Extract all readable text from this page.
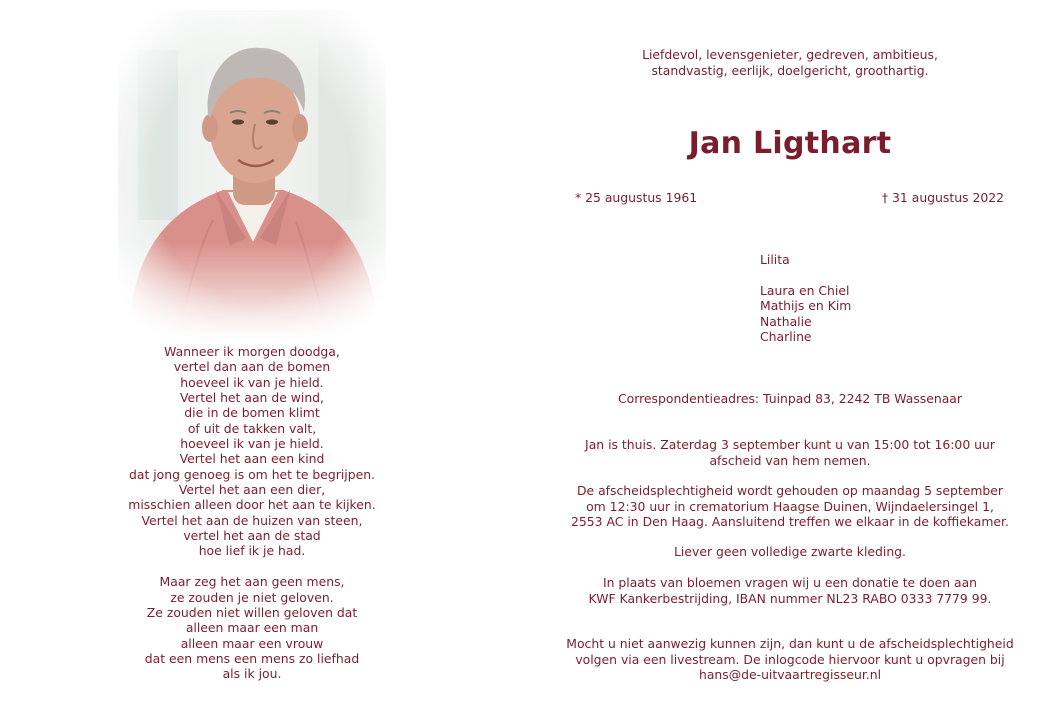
Wanneer ik morgen doodga,
vertel dan aan de bomen
hoeveel ik van je hield.
Vertel het aan de wind,
die in de bomen klimt
of uit de takken valt,
hoeveel ik van je hield.
Vertel het aan een kind
dat jong genoeg is om het te begrijpen.
Vertel het aan een dier,
misschien alleen door het aan te kijken.
Vertel het aan de huizen van steen,
vertel het aan de stad
hoe lief ik je had.
Maar zeg het aan geen mens,
ze zouden je niet geloven.
Ze zouden niet willen geloven dat
alleen maar een man
alleen maar een vrouw
dat een mens een mens zo liefhad
als ik jou.
Liefdevol, levensgenieter, gedreven, ambitieus,
standvastig, eerlijk, doelgericht, groothartig.
Jan Ligthart
* 25 augustus 1961	† 31 augustus 2022
Lilita
Laura en Chiel
Mathijs en Kim
Nathalie
Charline
Correspondentieadres: Tuinpad 83, 2242 TB Wassenaar
Jan is thuis. Zaterdag 3 september kunt u van 15:00 tot 16:00 uur
afscheid van hem nemen.
De afscheidsplechtigheid wordt gehouden op maandag 5 september
om 12:30 uur in crematorium Haagse Duinen, Wijndaelersingel 1,
2553 AC in Den Haag. Aansluitend treffen we elkaar in de koffiekamer.
Liever geen volledige zwarte kleding.
In plaats van bloemen vragen wij u een donatie te doen aan
KWF Kankerbestrijding, IBAN nummer NL23 RABO 0333 7779 99.
Mocht u niet aanwezig kunnen zijn, dan kunt u de afscheidsplechtigheid
volgen via een livestream. De inlogcode hiervoor kunt u opvragen bij
hans@de-uitvaartregisseur.nl
